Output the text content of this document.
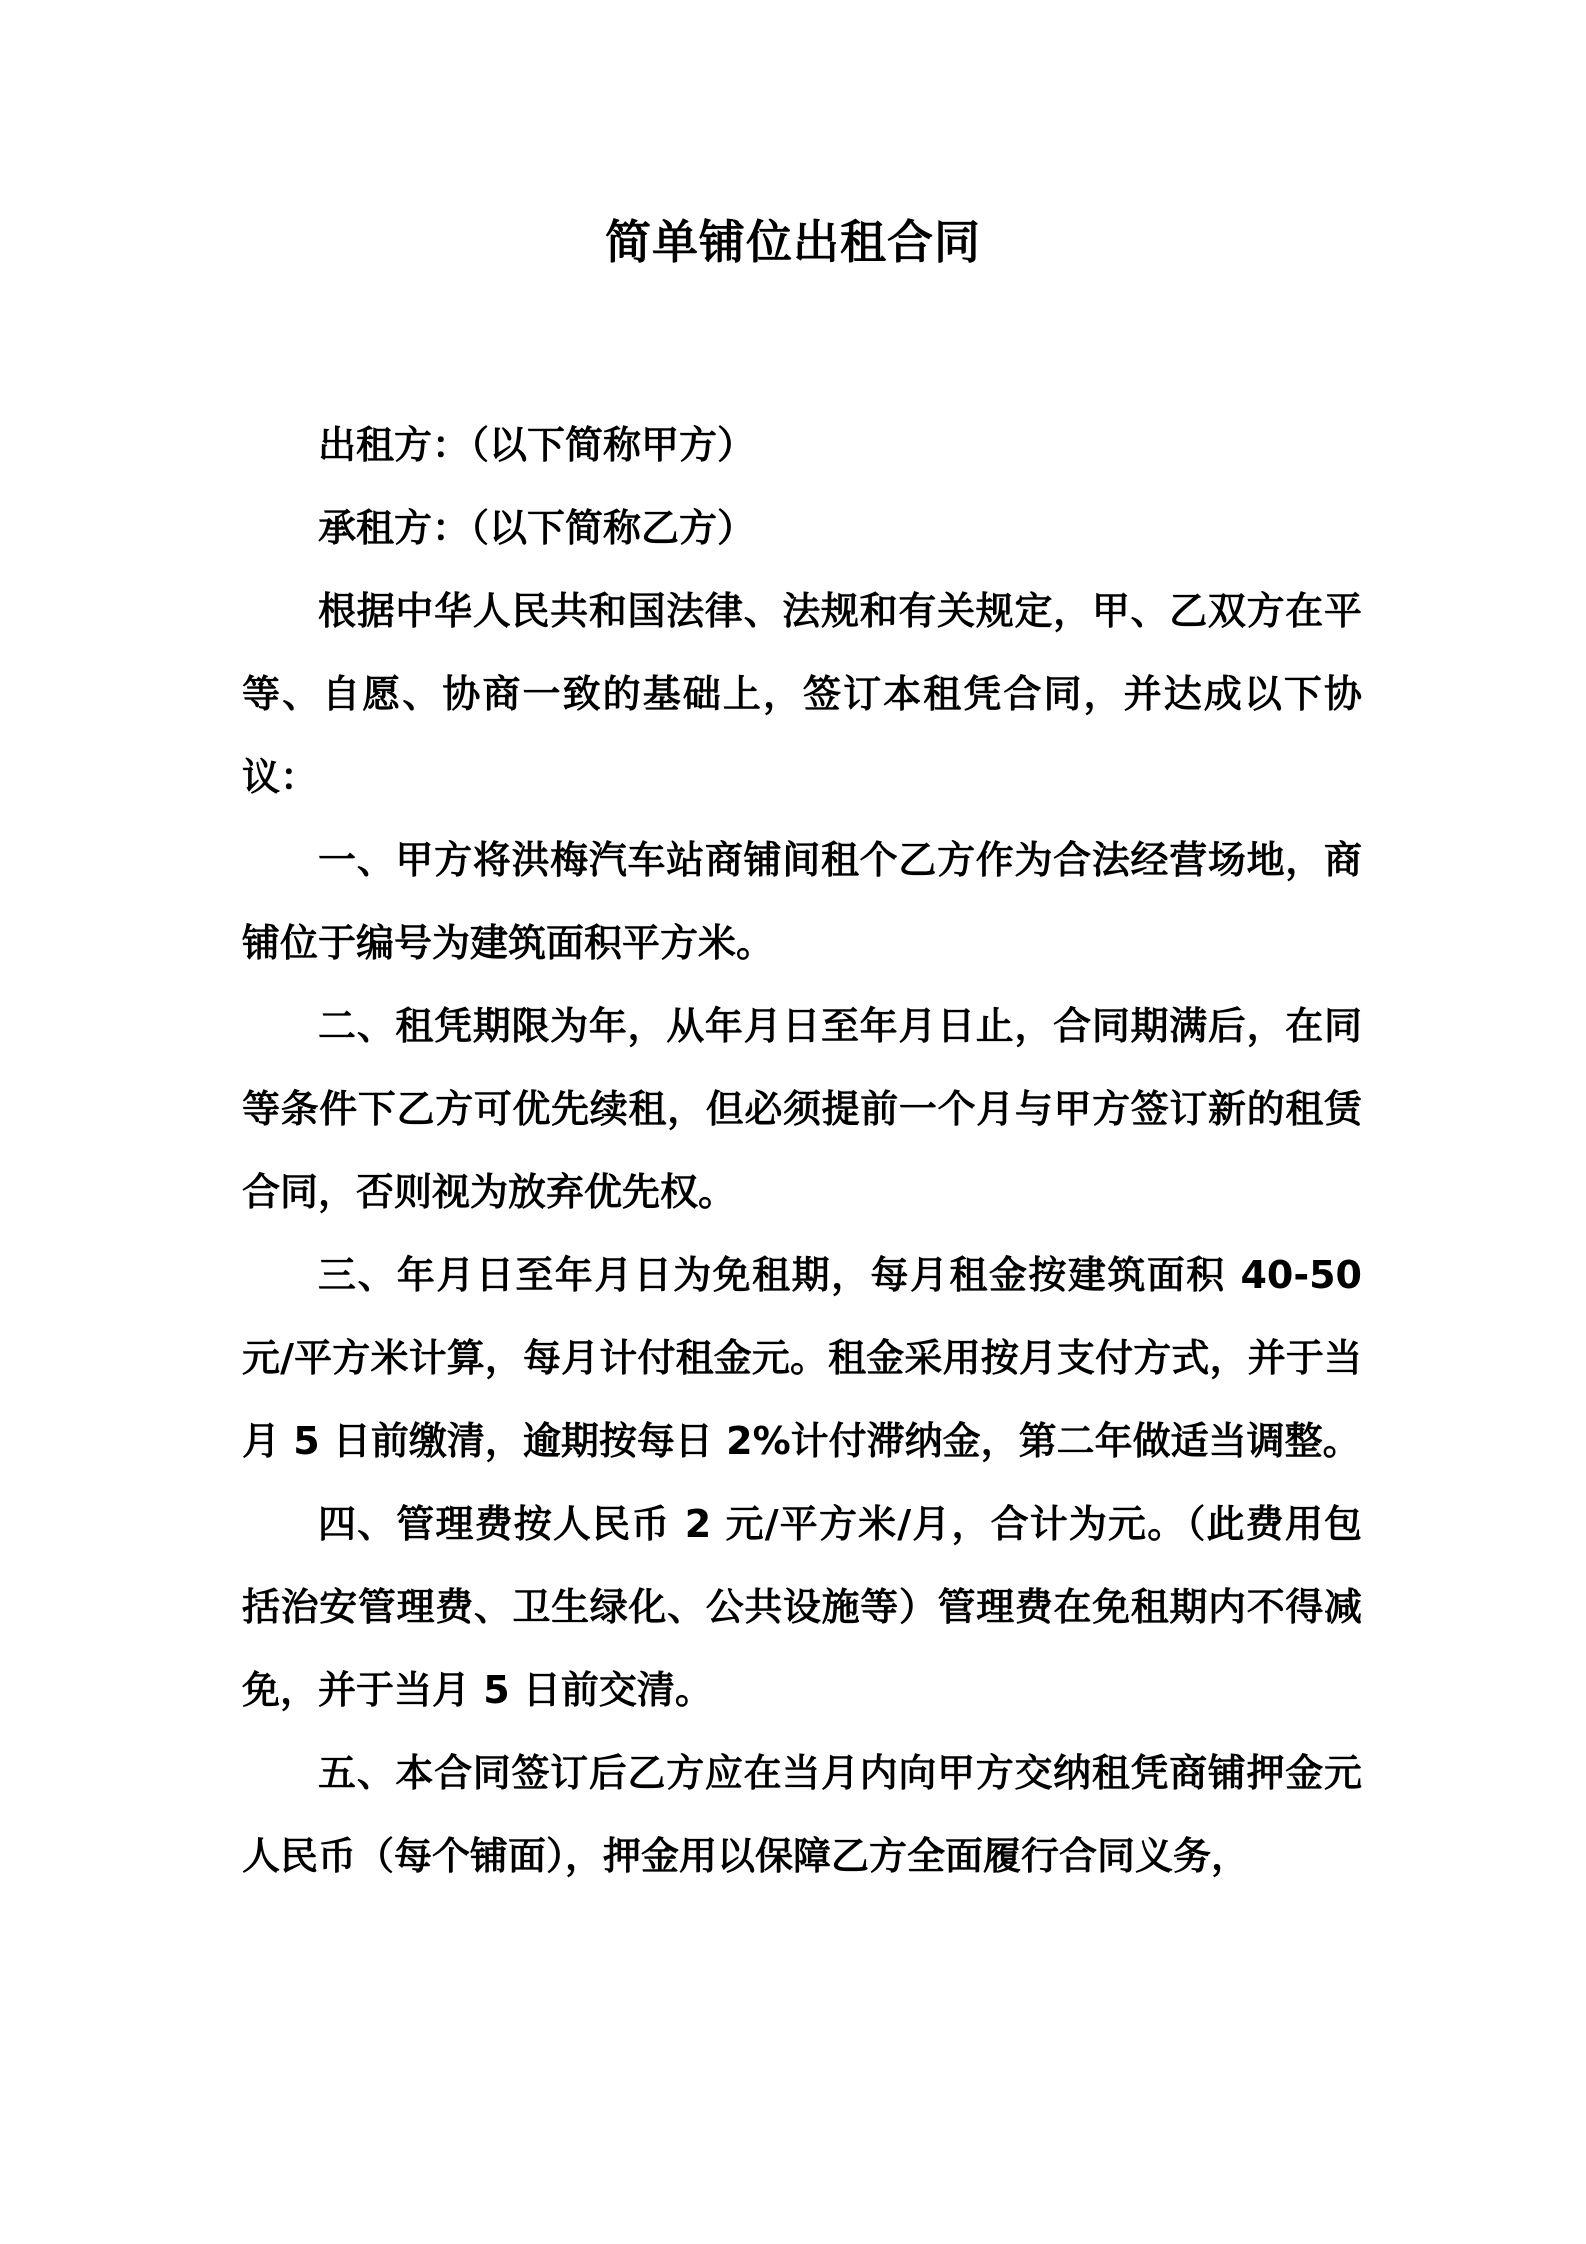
简单铺位出租合同

出租方：（以下简称甲方）

承租方：（以下简称乙方）

根据中华人民共和国法律、法规和有关规定，甲、乙双方在平等、自愿、协商一致的基础上，签订本租凭合同，并达成以下协议：

一、甲方将洪梅汽车站商铺间租个乙方作为合法经营场地，商铺位于编号为建筑面积平方米。

二、租凭期限为年，从年月日至年月日止，合同期满后，在同等条件下乙方可优先续租，但必须提前一个月与甲方签订新的租赁合同，否则视为放弃优先权。

三、年月日至年月日为免租期，每月租金按建筑面积 40-50 元/平方米计算，每月计付租金元。租金采用按月支付方式，并于当月 5 日前缴清，逾期按每日 2%计付滞纳金，第二年做适当调整。

四、管理费按人民币 2 元/平方米/月，合计为元。（此费用包括治安管理费、卫生绿化、公共设施等）管理费在免租期内不得减免，并于当月 5 日前交清。

五、本合同签订后乙方应在当月内向甲方交纳租凭商铺押金元人民币（每个铺面），押金用以保障乙方全面履行合同义务，
